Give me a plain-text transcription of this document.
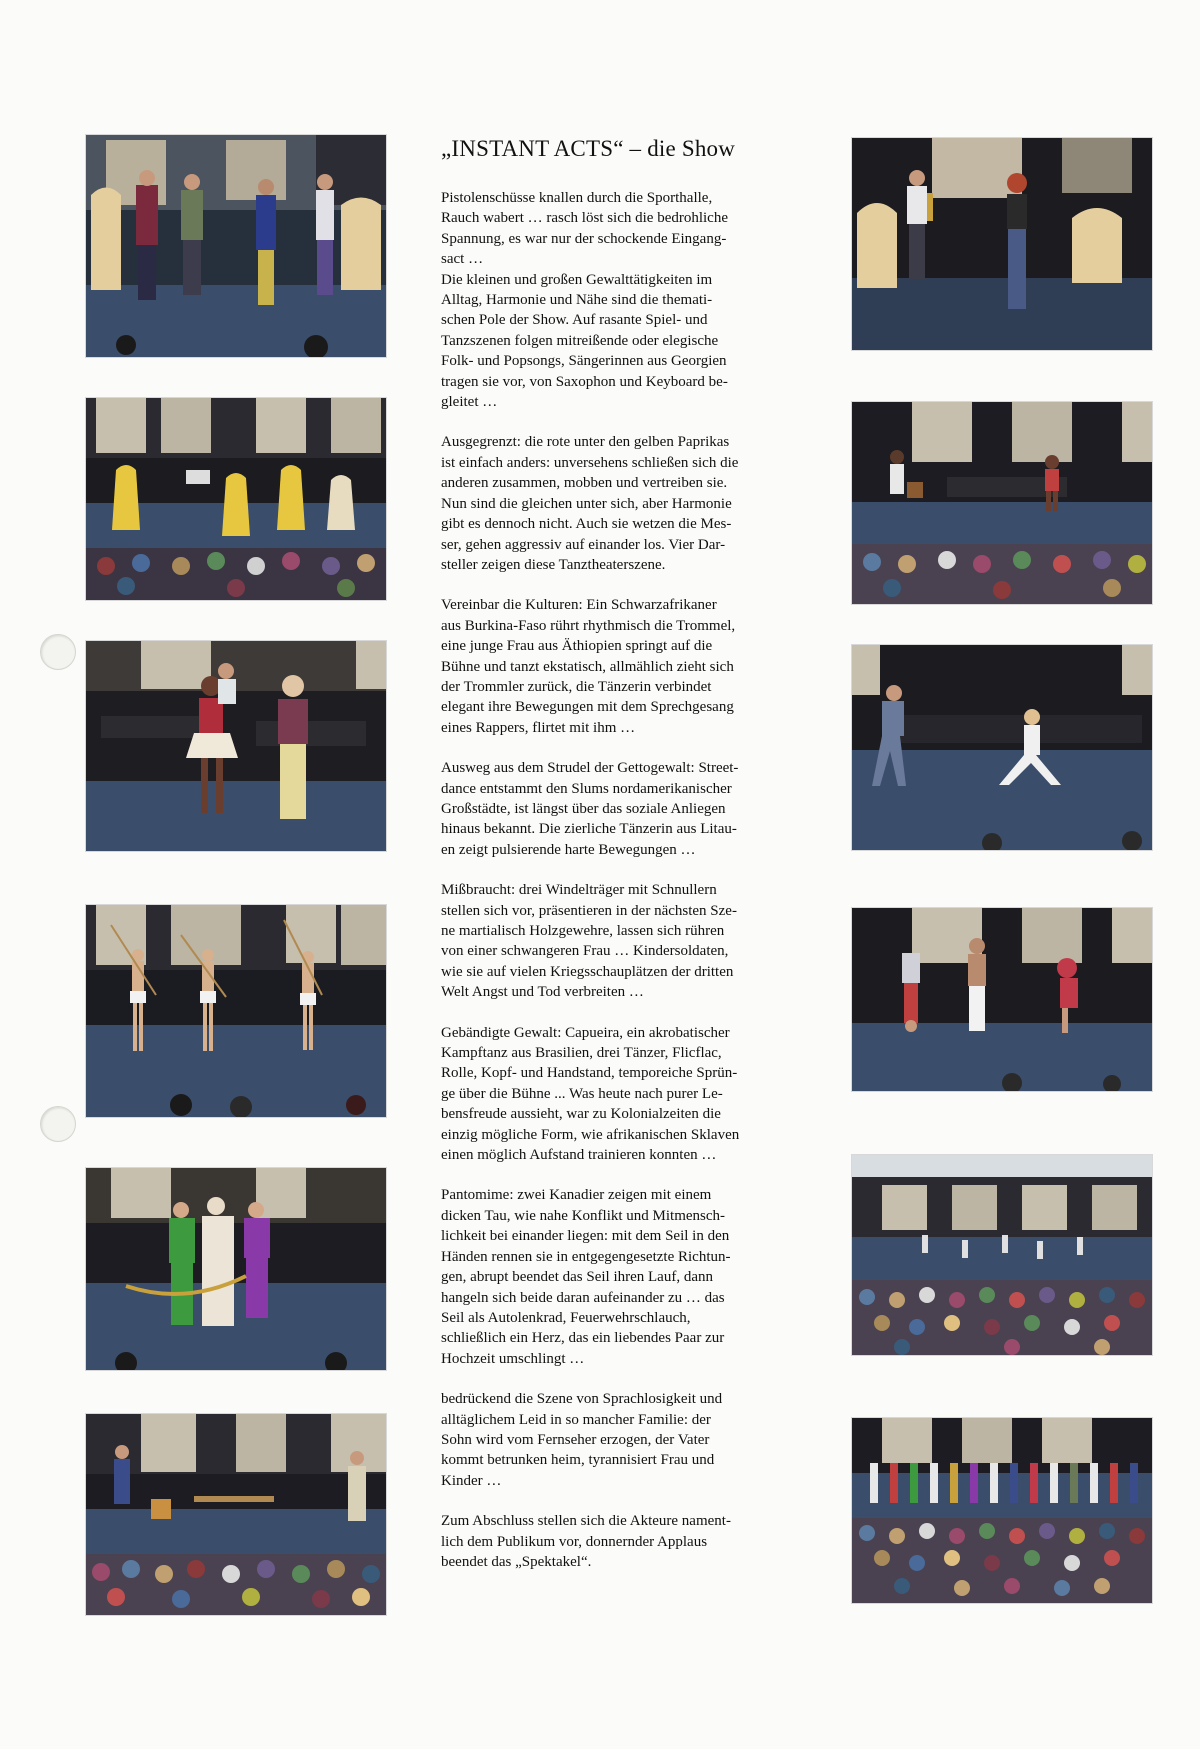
„INSTANT ACTS“ – die Show
Pistolenschüsse knallen durch die Sporthalle,
Rauch wabert … rasch löst sich die bedrohliche
Spannung, es war nur der schockende Eingang-
sact …
Die kleinen und großen Gewalttätigkeiten im
Alltag, Harmonie und Nähe sind die themati-
schen Pole der Show. Auf rasante Spiel- und
Tanzszenen folgen mitreißende oder elegische
Folk- und Popsongs, Sängerinnen aus Georgien
tragen sie vor, von Saxophon und Keyboard be-
gleitet …
Ausgegrenzt: die rote unter den gelben Paprikas
ist einfach anders: unversehens schließen sich die
anderen zusammen, mobben und vertreiben sie.
Nun sind die gleichen unter sich, aber Harmonie
gibt es dennoch nicht. Auch sie wetzen die Mes-
ser, gehen aggressiv auf einander los. Vier Dar-
steller zeigen diese Tanztheaterszene.
Vereinbar die Kulturen: Ein Schwarzafrikaner
aus Burkina-Faso rührt rhythmisch die Trommel,
eine junge Frau aus Äthiopien springt auf die
Bühne und tanzt ekstatisch, allmählich zieht sich
der Trommler zurück, die Tänzerin verbindet
elegant ihre Bewegungen mit dem Sprechgesang
eines Rappers, flirtet mit ihm …
Ausweg aus dem Strudel der Gettogewalt: Street-
dance entstammt den Slums nordamerikanischer
Großstädte, ist längst über das soziale Anliegen
hinaus bekannt. Die zierliche Tänzerin aus Litau-
en zeigt pulsierende harte Bewegungen …
Mißbraucht: drei Windelträger mit Schnullern
stellen sich vor, präsentieren in der nächsten Sze-
ne martialisch Holzgewehre, lassen sich rühren
von einer schwangeren Frau … Kindersoldaten,
wie sie auf vielen Kriegsschauplätzen der dritten
Welt Angst und Tod verbreiten …
Gebändigte Gewalt: Capueira, ein akrobatischer
Kampftanz aus Brasilien, drei Tänzer, Flicflac,
Rolle, Kopf- und Handstand, temporeiche Sprün-
ge über die Bühne ... Was heute nach purer Le-
bensfreude aussieht, war zu Kolonialzeiten die
einzig mögliche Form, wie afrikanischen Sklaven
einen möglich Aufstand trainieren konnten …
Pantomime: zwei Kanadier zeigen mit einem
dicken Tau, wie nahe Konflikt und Mitmensch-
lichkeit bei einander liegen: mit dem Seil in den
Händen rennen sie in entgegengesetzte Richtun-
gen, abrupt beendet das Seil ihren Lauf, dann
hangeln sich beide daran aufeinander zu … das
Seil als Autolenkrad, Feuerwehrschlauch,
schließlich ein Herz, das ein liebendes Paar zur
Hochzeit umschlingt …
bedrückend die Szene von Sprachlosigkeit und
alltäglichem Leid in so mancher Familie: der
Sohn wird vom Fernseher erzogen, der Vater
kommt betrunken heim, tyrannisiert Frau und
Kinder …
Zum Abschluss stellen sich die Akteure nament-
lich dem Publikum vor, donnernder Applaus
beendet das „Spektakel“.
